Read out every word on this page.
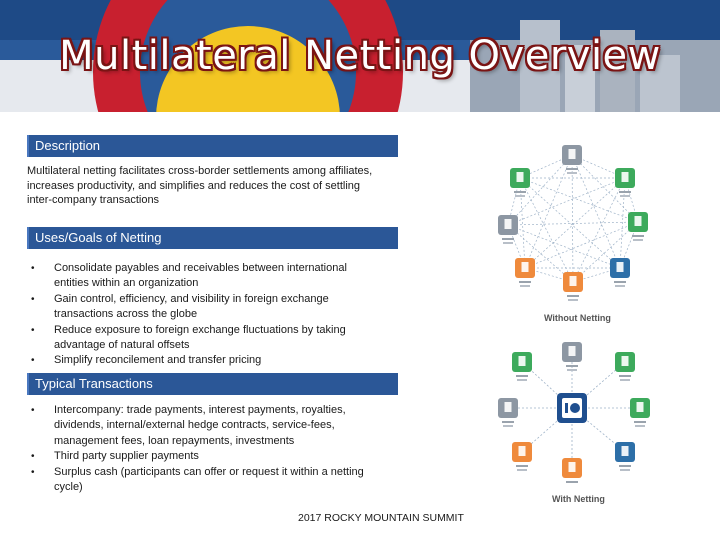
Multilateral Netting Overview
Description
Multilateral netting facilitates cross-border settlements among affiliates, increases productivity, and simplifies and reduces the cost of settling inter-company transactions
Uses/Goals of Netting
• Consolidate payables and receivables between international entities within an organization
• Gain control, efficiency, and visibility in foreign exchange transactions across the globe
• Reduce exposure to foreign exchange fluctuations by taking advantage of natural offsets
• Simplify reconcilement and transfer pricing
Typical Transactions
• Intercompany: trade payments, interest payments, royalties, dividends, internal/external hedge contracts, service-fees, management fees, loan repayments, investments
• Third party supplier payments
• Surplus cash (participants can offer or request it within a netting cycle)
Without Netting
With Netting
2017 ROCKY MOUNTAIN SUMMIT
